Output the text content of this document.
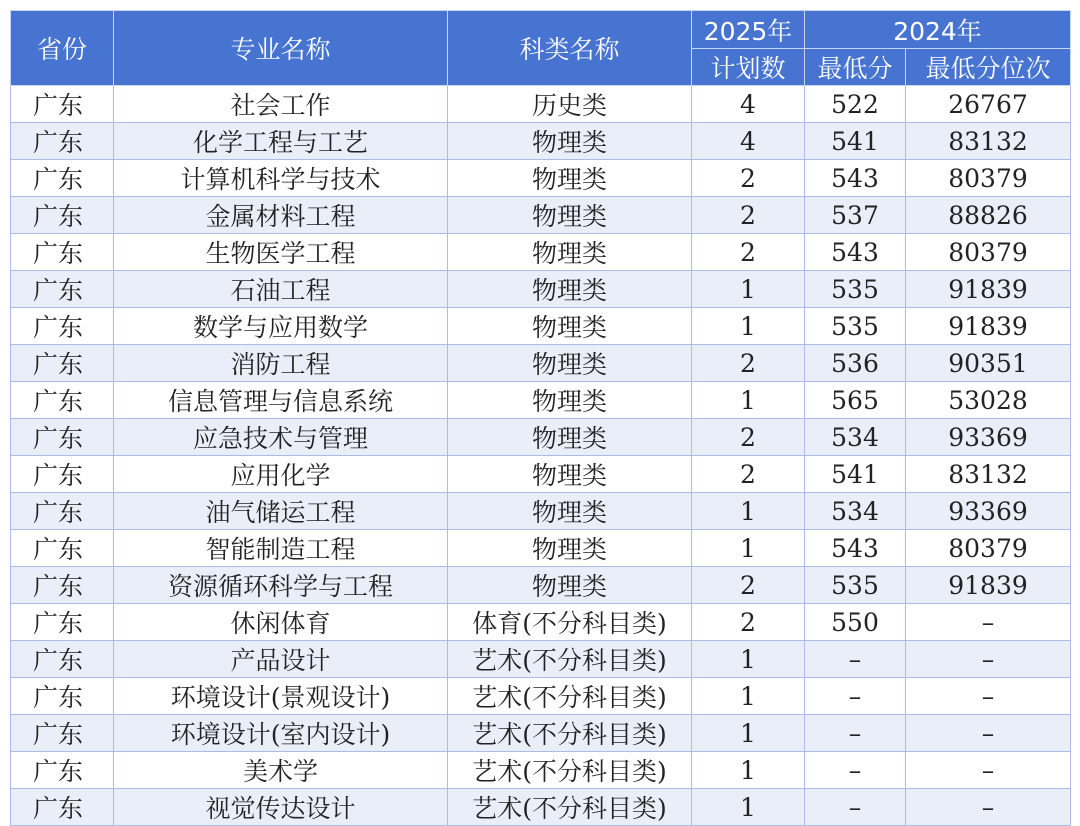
省份	专业名称	科类名称	2025年	2024年	
			计划数	最低分	最低分位次
广东	社会工作	历史类	4	522	26767
广东	化学工程与工艺	物理类	4	541	83132
广东	计算机科学与技术	物理类	2	543	80379
广东	金属材料工程	物理类	2	537	88826
广东	生物医学工程	物理类	2	543	80379
广东	石油工程	物理类	1	535	91839
广东	数学与应用数学	物理类	1	535	91839
广东	消防工程	物理类	2	536	90351
广东	信息管理与信息系统	物理类	1	565	53028
广东	应急技术与管理	物理类	2	534	93369
广东	应用化学	物理类	2	541	83132
广东	油气储运工程	物理类	1	534	93369
广东	智能制造工程	物理类	1	543	80379
广东	资源循环科学与工程	物理类	2	535	91839
广东	休闲体育	体育(不分科目类)	2	550	–
广东	产品设计	艺术(不分科目类)	1	–	–
广东	环境设计(景观设计)	艺术(不分科目类)	1	–	–
广东	环境设计(室内设计)	艺术(不分科目类)	1	–	–
广东	美术学	艺术(不分科目类)	1	–	–
广东	视觉传达设计	艺术(不分科目类)	1	–	–
